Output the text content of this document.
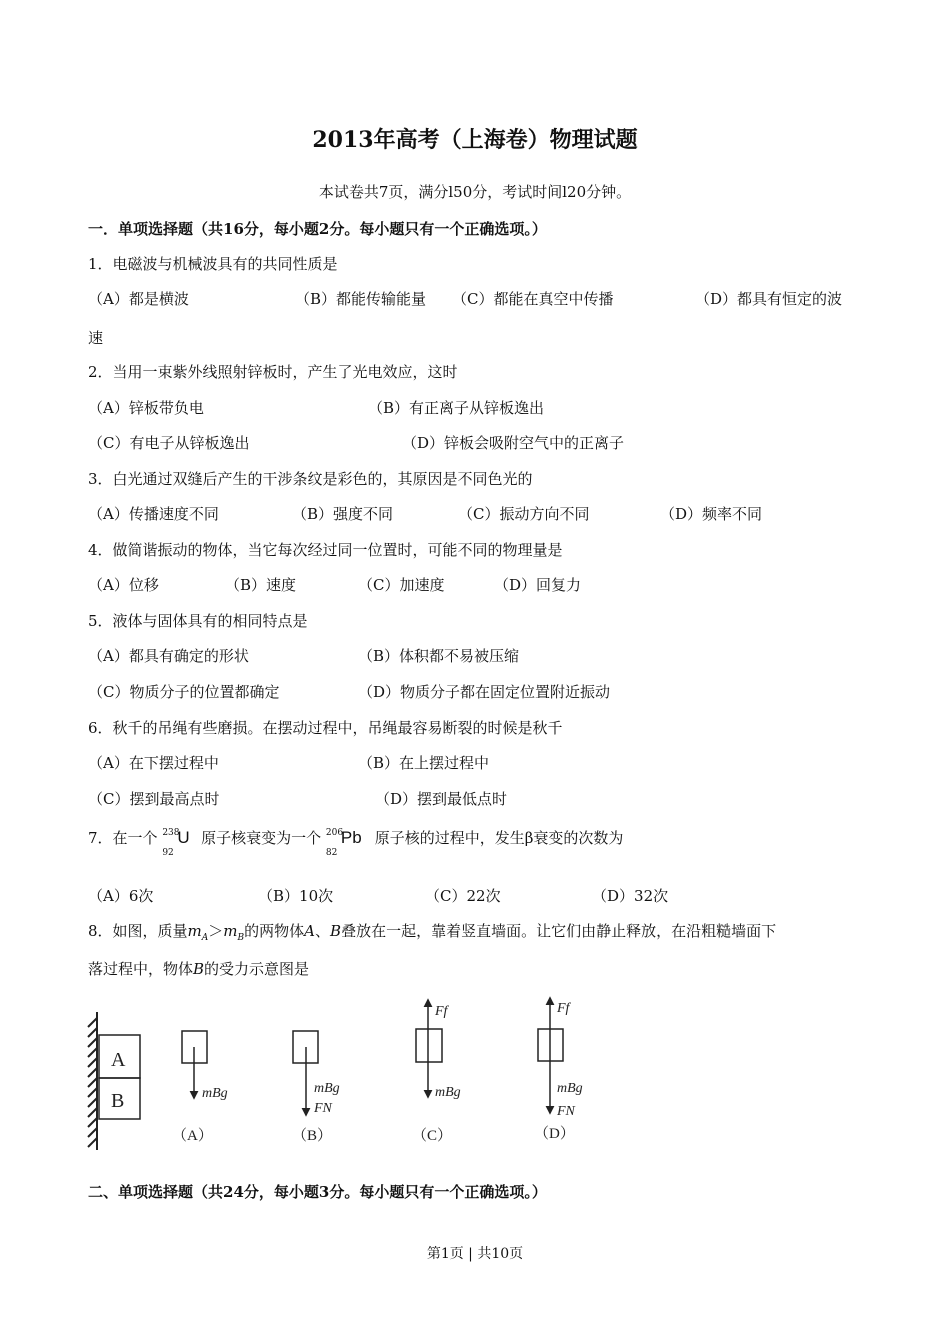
2013年高考（上海卷）物理试题
本试卷共7页，满分l50分，考试时间l20分钟。
一．单项选择题（共16分，每小题2分。每小题只有一个正确选项。）
1．电磁波与机械波具有的共同性质是
（A）都是横波	（B）都能传输能量 （C）都能在真空中传播	（D）都具有恒定的波
速
2．当用一束紫外线照射锌板时，产生了光电效应，这时
（A）锌板带负电	（B）有正离子从锌板逸出
（C）有电子从锌板逸出	（D）锌板会吸附空气中的正离子
3．白光通过双缝后产生的干涉条纹是彩色的，其原因是不同色光的
（A）传播速度不同	（B）强度不同	（C）振动方向不同	（D）频率不同
4．做简谐振动的物体，当它每次经过同一位置时，可能不同的物理量是
（A）位移	（B）速度	（C）加速度	（D）回复力
5．液体与固体具有的相同特点是
（A）都具有确定的形状	（B）体积都不易被压缩
（C）物质分子的位置都确定	（D）物质分子都在固定位置附近振动
6．秋千的吊绳有些磨损。在摆动过程中，吊绳最容易断裂的时候是秋千
（A）在下摆过程中	（B）在上摆过程中
（C）摆到最高点时	（D）摆到最低点时
7．在一个 238
92
U 原子核衰变为一个 206
82
Pb 原子核的过程中，发生β衰变的次数为
（A）6次	（B）10次	（C）22次	（D）32次
8．如图，质量$m_A>m_B$的两物体A、B叠放在一起，靠着竖直墙面。让它们由静止释放，在沿粗糙墙面下
落过程中，物体B的受力示意图是
A
B	mBg
（A）
mBg
FN
（B）
Ff
mBg
（C）
Ff
mBg
FN
（D）
二、单项选择题（共24分，每小题3分。每小题只有一个正确选项。）
第1页 | 共10页
